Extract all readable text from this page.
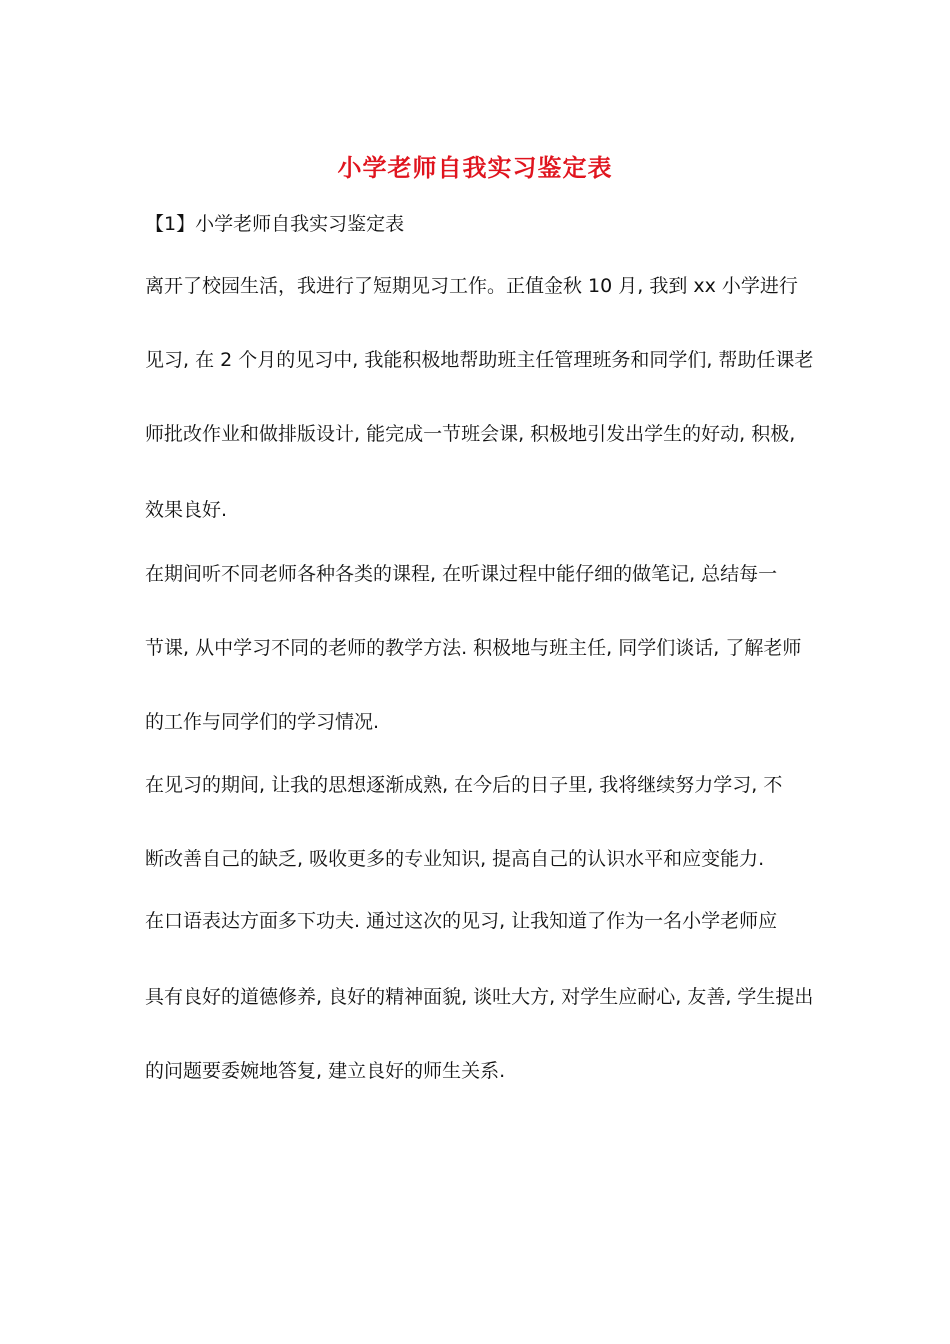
小学老师自我实习鉴定表
【1】小学老师自我实习鉴定表
离开了校园生活，我进行了短期见习工作。正值金秋 10 月, 我到 xx 小学进行
见习, 在 2 个月的见习中, 我能积极地帮助班主任管理班务和同学们, 帮助任课老
师批改作业和做排版设计, 能完成一节班会课, 积极地引发出学生的好动, 积极,
效果良好.
在期间听不同老师各种各类的课程, 在听课过程中能仔细的做笔记, 总结每一
节课, 从中学习不同的老师的教学方法. 积极地与班主任, 同学们谈话, 了解老师
的工作与同学们的学习情况.
在见习的期间, 让我的思想逐渐成熟, 在今后的日子里, 我将继续努力学习, 不
断改善自己的缺乏, 吸收更多的专业知识, 提高自己的认识水平和应变能力.
在口语表达方面多下功夫. 通过这次的见习, 让我知道了作为一名小学老师应
具有良好的道德修养, 良好的精神面貌, 谈吐大方, 对学生应耐心, 友善, 学生提出
的问题要委婉地答复, 建立良好的师生关系.
